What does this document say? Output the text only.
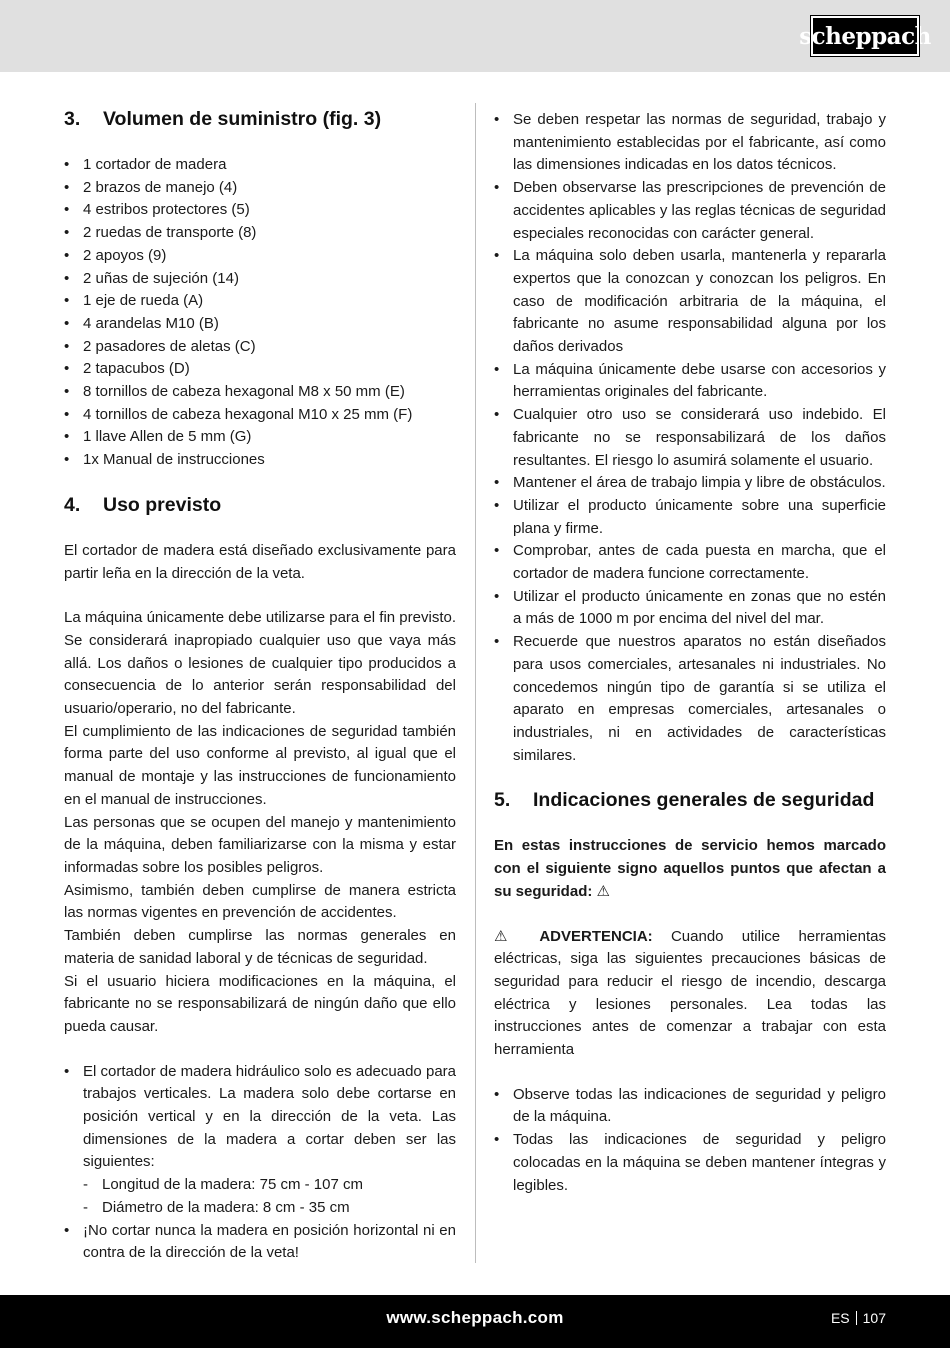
scheppach
3.	Volumen de suministro (fig. 3)
• 1 cortador de madera
• 2 brazos de manejo (4)
• 4 estribos protectores (5)
• 2 ruedas de transporte (8)
• 2 apoyos (9)
• 2 uñas de sujeción (14)
• 1 eje de rueda (A)
• 4 arandelas M10 (B)
• 2 pasadores de aletas (C)
• 2 tapacubos (D)
• 8 tornillos de cabeza hexagonal M8 x 50 mm (E)
• 4 tornillos de cabeza hexagonal M10 x 25 mm (F)
• 1 llave Allen de 5 mm (G)
• 1x Manual de instrucciones
4.	Uso previsto

El cortador de madera está diseñado exclusivamente para partir leña en la dirección de la veta.

La máquina únicamente debe utilizarse para el fin previsto. Se considerará inapropiado cualquier uso que vaya más allá. Los daños o lesiones de cualquier tipo producidos a consecuencia de lo anterior serán responsabilidad del usuario/operario, no del fabricante.

El cumplimiento de las indicaciones de seguridad también forma parte del uso conforme al previsto, al igual que el manual de montaje y las instrucciones de funcionamiento en el manual de instrucciones.

Las personas que se ocupen del manejo y mantenimiento de la máquina, deben familiarizarse con la misma y estar informadas sobre los posibles peligros.

Asimismo, también deben cumplirse de manera estricta las normas vigentes en prevención de accidentes.

También deben cumplirse las normas generales en materia de sanidad laboral y de técnicas de seguridad.

Si el usuario hiciera modificaciones en la máquina, el fabricante no se responsabilizará de ningún daño que ello pueda causar.

• El cortador de madera hidráulico solo es adecuado para trabajos verticales. La madera solo debe cortarse en posición vertical y en la dirección de la veta. Las dimensiones de la madera a cortar deben ser las siguientes:
- Longitud de la madera: 75 cm - 107 cm
- Diámetro de la madera: 8 cm - 35 cm
• ¡No cortar nunca la madera en posición horizontal ni en contra de la dirección de la veta!
• Se deben respetar las normas de seguridad, trabajo y mantenimiento establecidas por el fabricante, así como las dimensiones indicadas en los datos técnicos.
• Deben observarse las prescripciones de prevención de accidentes aplicables y las reglas técnicas de seguridad especiales reconocidas con carácter general.
• La máquina solo deben usarla, mantenerla y repararla expertos que la conozcan y conozcan los peligros. En caso de modificación arbitraria de la máquina, el fabricante no asume responsabilidad alguna por los daños derivados
• La máquina únicamente debe usarse con accesorios y herramientas originales del fabricante.
• Cualquier otro uso se considerará uso indebido. El fabricante no se responsabilizará de los daños resultantes. El riesgo lo asumirá solamente el usuario.
• Mantener el área de trabajo limpia y libre de obstáculos.
• Utilizar el producto únicamente sobre una superficie plana y firme.
• Comprobar, antes de cada puesta en marcha, que el cortador de madera funcione correctamente.
• Utilizar el producto únicamente en zonas que no estén a más de 1000 m por encima del nivel del mar.
• Recuerde que nuestros aparatos no están diseñados para usos comerciales, artesanales ni industriales. No concedemos ningún tipo de garantía si se utiliza el aparato en empresas comerciales, artesanales o industriales, ni en actividades de características similares.
5.	Indicaciones generales de seguridad

En estas instrucciones de servicio hemos marcado con el siguiente signo aquellos puntos que afectan a su seguridad: ⚠

⚠ ADVERTENCIA: Cuando utilice herramientas eléctricas, siga las siguientes precauciones básicas de seguridad para reducir el riesgo de incendio, descarga eléctrica y lesiones personales. Lea todas las instrucciones antes de comenzar a trabajar con esta herramienta

• Observe todas las indicaciones de seguridad y peligro de la máquina.
• Todas las indicaciones de seguridad y peligro colocadas en la máquina se deben mantener íntegras y legibles.
www.scheppach.com	ES 107
